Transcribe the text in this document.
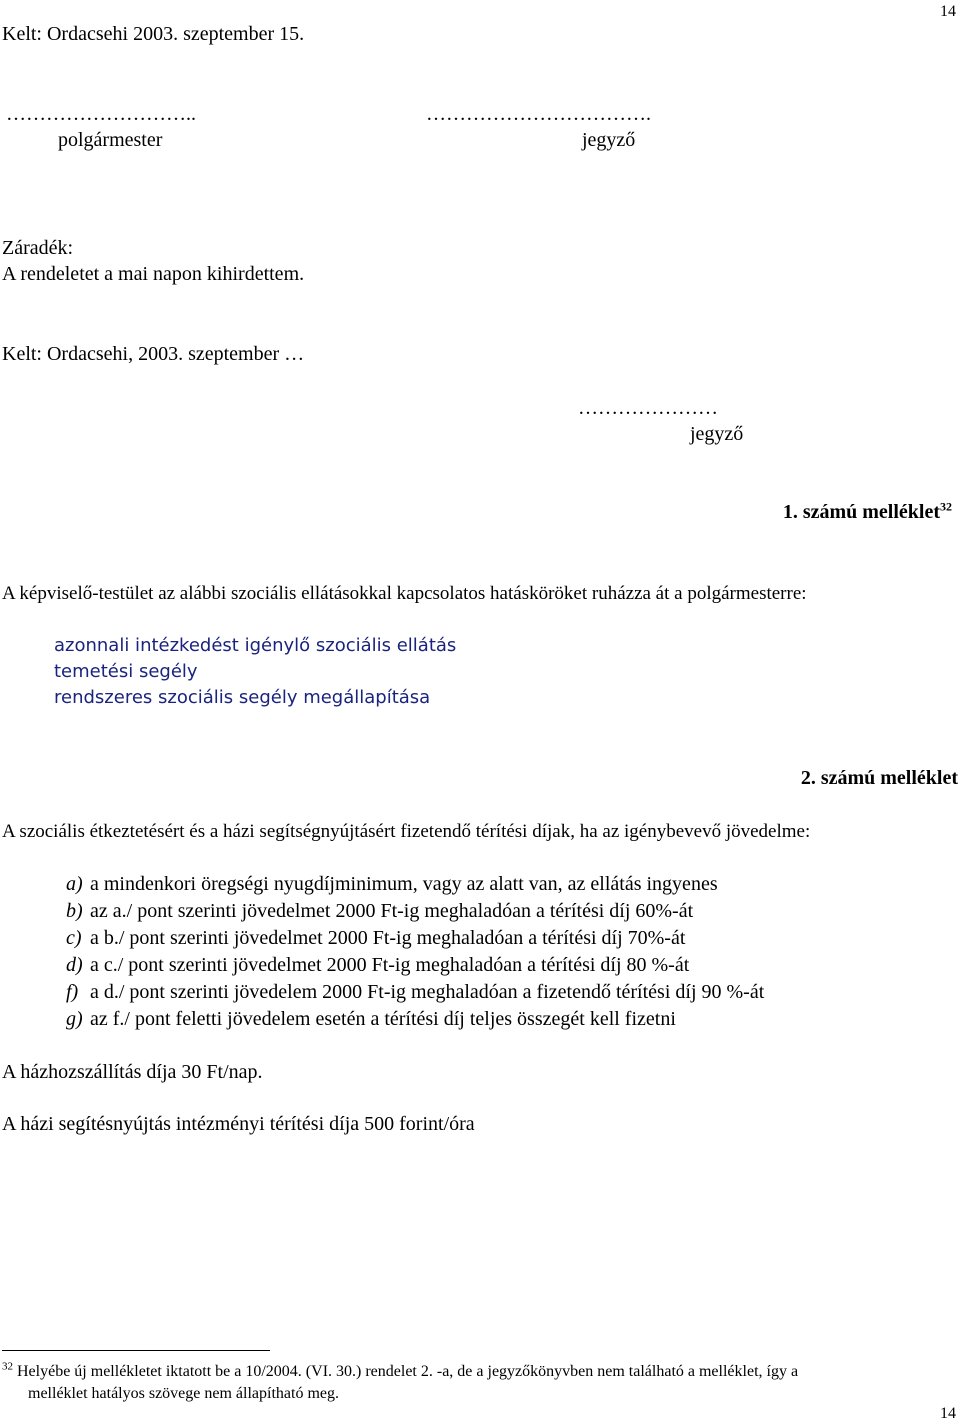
14
Kelt: Ordacsehi 2003. szeptember 15.
………………………..
polgármester
…………………………….
jegyző
Záradék:
A rendeletet a mai napon kihirdettem.
Kelt: Ordacsehi, 2003. szeptember …
…………………
jegyző
1. számú melléklet$^{32}$
A képviselő-testület az alábbi szociális ellátásokkal kapcsolatos hatásköröket ruházza át a polgármesterre:
azonnali intézkedést igénylő szociális ellátás
temetési segély
rendszeres szociális segély megállapítása
2. számú melléklet
A szociális étkeztetésért és a házi segítségnyújtásért fizetendő térítési díjak, ha az igénybevevő jövedelme:
a) a mindenkori öregségi nyugdíjminimum, vagy az alatt van, az ellátás ingyenes
b) az a./ pont szerinti jövedelmet 2000 Ft-ig meghaladóan a térítési díj 60%-át
c) a b./ pont szerinti jövedelmet 2000 Ft-ig meghaladóan a térítési díj 70%-át
d) a c./ pont szerinti jövedelmet 2000 Ft-ig meghaladóan a térítési díj 80 %-át
f) a d./ pont szerinti jövedelem 2000 Ft-ig meghaladóan a fizetendő térítési díj 90 %-át
g) az f./ pont feletti jövedelem esetén a térítési díj teljes összegét kell fizetni
A házhozszállítás díja 30 Ft/nap.
A házi segítésnyújtás intézményi térítési díja 500 forint/óra
$^{32}$ Helyébe új mellékletet iktatott be a 10/2004. (VI. 30.) rendelet 2. -a, de a jegyzőkönyvben nem található a melléklet, így a
melléklet hatályos szövege nem állapítható meg.
14
